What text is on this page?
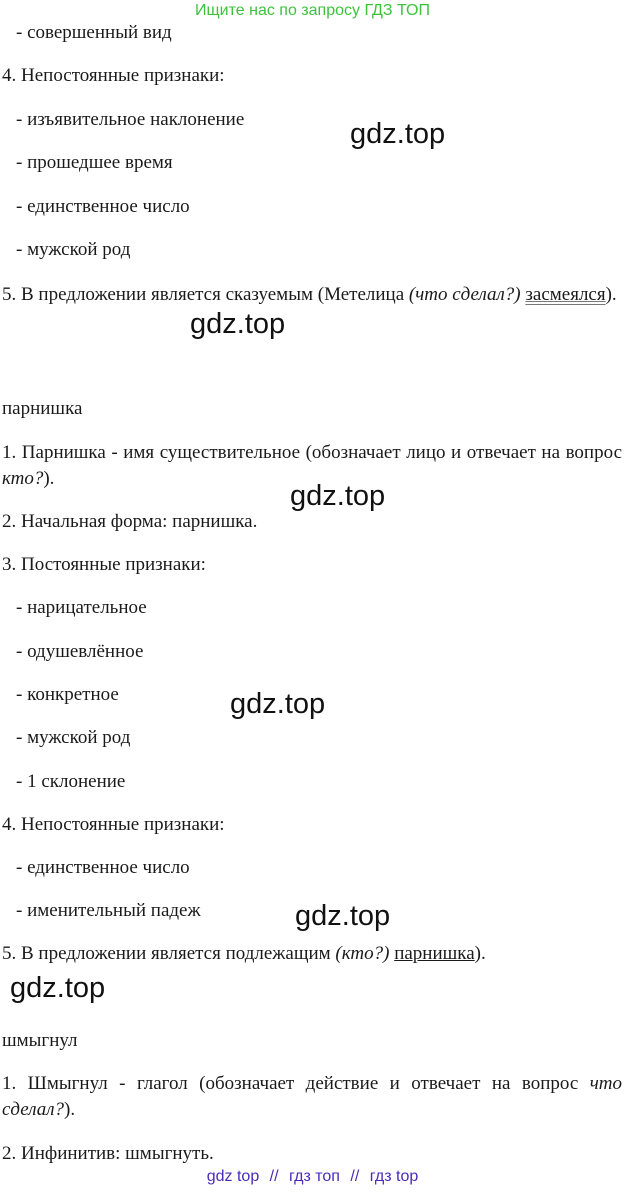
Ищите нас по запросу ГДЗ ТОП
- совершенный вид
4. Непостоянные признаки:
- изъявительное наклонение
- прошедшее время
- единственное число
- мужской род
5. В предложении является сказуемым (Метелица (что сделал?) засмеялся).
парнишка
1. Парнишка - имя существительное (обозначает лицо и отвечает на вопрос кто?).
2. Начальная форма: парнишка.
3. Постоянные признаки:
- нарицательное
- одушевлённое
- конкретное
- мужской род
- 1 склонение
4. Непостоянные признаки:
- единственное число
- именительный падеж
5. В предложении является подлежащим (кто?) парнишка).
шмыгнул
1. Шмыгнул - глагол (обозначает действие и отвечает на вопрос что сделал?).
2. Инфинитив: шмыгнуть.
gdz.top
gdz.top
gdz.top
gdz.top
gdz.top
gdz.top
gdz top // гдз топ // гдз top
